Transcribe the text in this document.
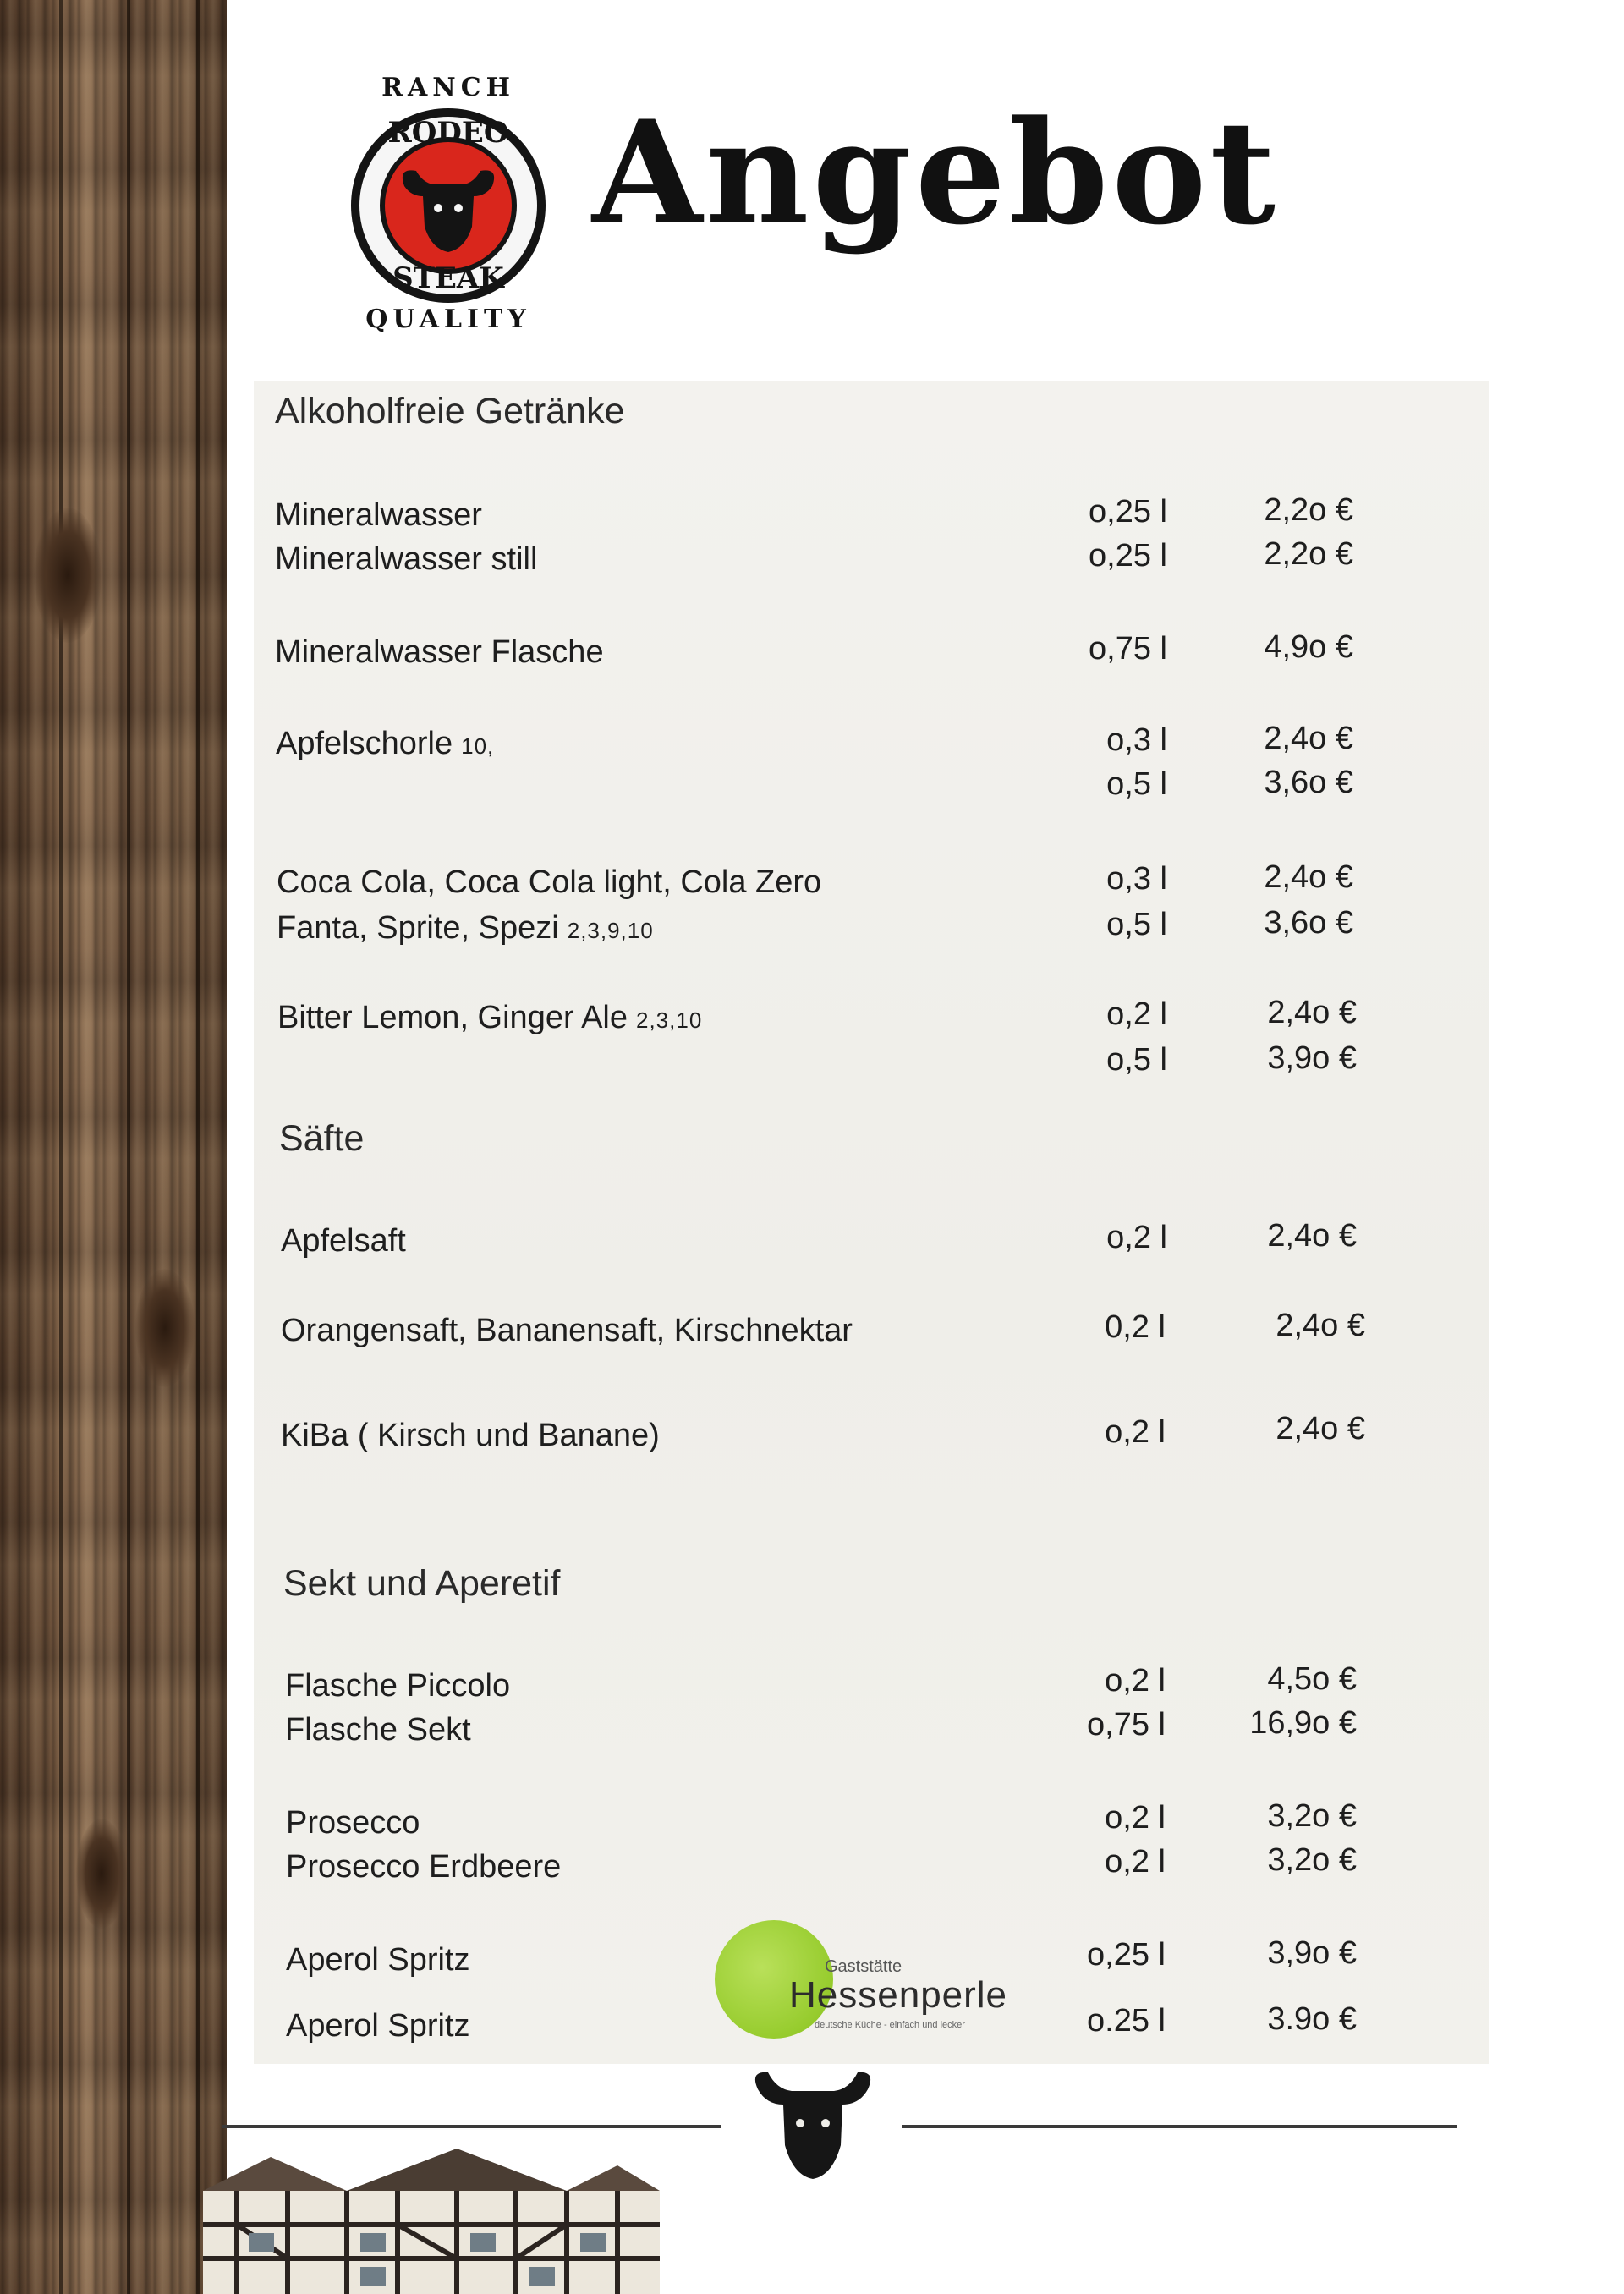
RANCH
RODEO
STEAK
QUALITY
Angebot
Alkoholfreie Getränke
Mineralwasser	o,25 l	2,2o €
Mineralwasser still	o,25 l	2,2o €
Mineralwasser Flasche	o,75 l	4,9o €
Apfelschorle 10,	o,3 l	2,4o €
o,5 l	3,6o €
Coca Cola, Coca Cola light, Cola Zero	o,3 l	2,4o €
Fanta, Sprite, Spezi 2,3,9,10	o,5 l	3,6o €
Bitter Lemon, Ginger Ale 2,3,10	o,2 l	2,4o €
o,5 l	3,9o €
Säfte
Apfelsaft	o,2 l	2,4o €
Orangensaft, Bananensaft, Kirschnektar	0,2 l	2,4o €
KiBa ( Kirsch und Banane)	o,2 l	2,4o €
Sekt und Aperetif
Flasche Piccolo	o,2 l	4,5o €
Flasche Sekt	o,75 l	16,9o €
Prosecco	o,2 l	3,2o €
Prosecco Erdbeere	o,2 l	3,2o €
Aperol Spritz	o,25 l	3,9o €
Aperol Spritz	o.25 l	3.9o €
Gaststätte
Hessenperle
deutsche Küche - einfach und lecker
